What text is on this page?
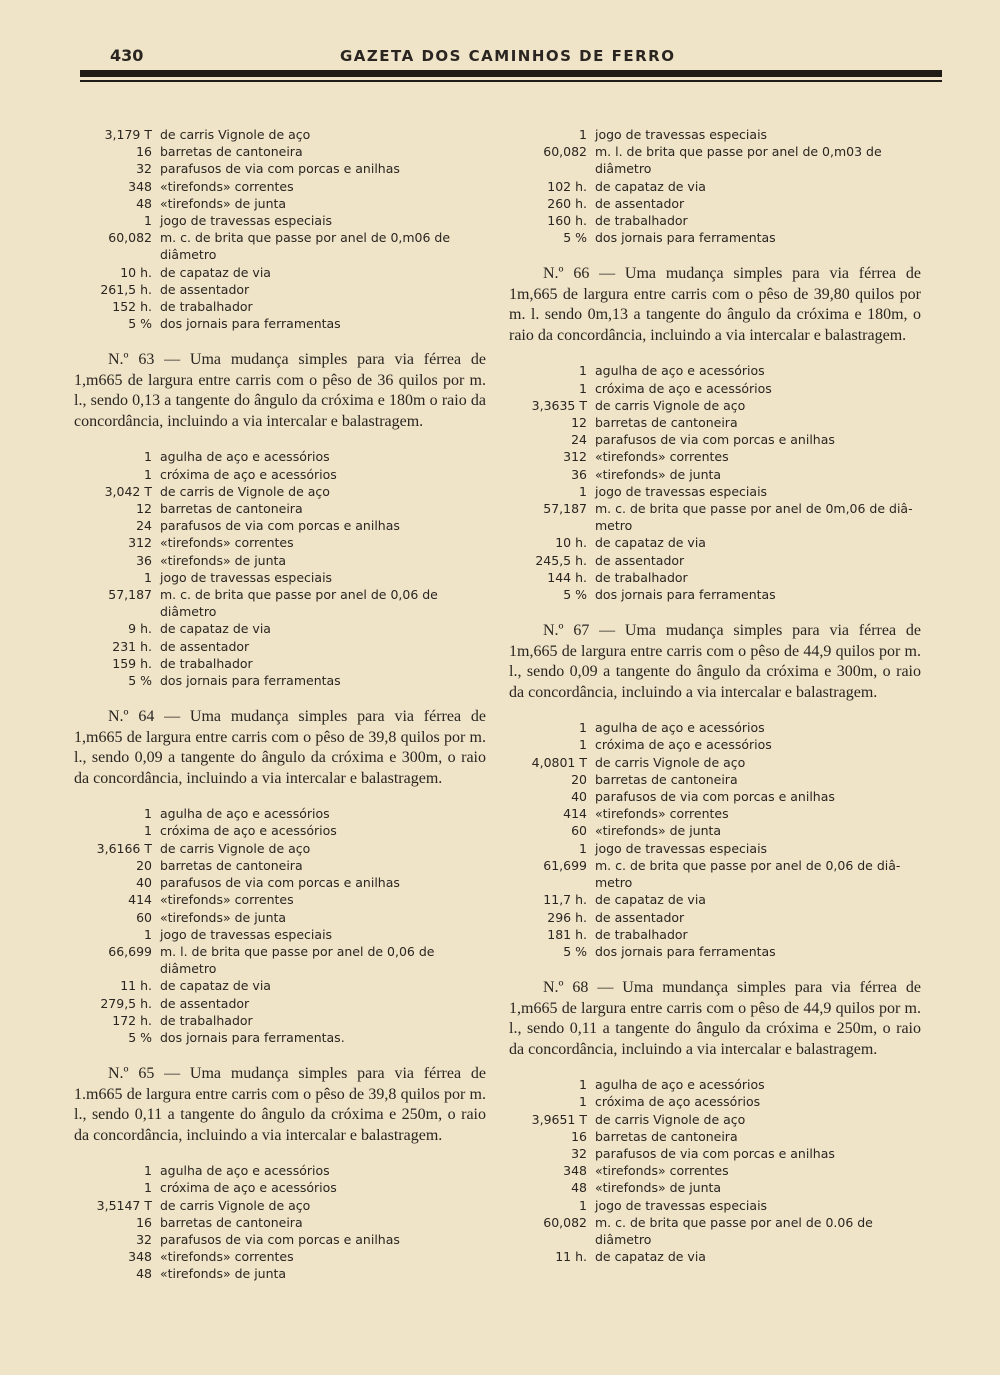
430	GAZETA DOS CAMINHOS DE FERRO
3,179 T de carris Vignole de aço
16 barretas de cantoneira
32 parafusos de via com porcas e anilhas
348 «tirefonds» correntes
48 «tirefonds» de junta
1 jogo de travessas especiais
60,082 m. c. de brita que passe por anel de 0,m06 de
diâmetro
10 h. de capataz de via
261,5 h. de assentador
152 h. de trabalhador
5 % dos jornais para ferramentas

N.º 63 — Uma mudança simples para via férrea de 1,m665 de largura entre carris com o pêso de 36 quilos por m. l., sendo 0,13 a tangente do ângulo da cróxima e 180m o raio da concordância, incluindo a via intercalar e balastragem.

1 agulha de aço e acessórios
1 cróxima de aço e acessórios
3,042 T de carris de Vignole de aço
12 barretas de cantoneira
24 parafusos de via com porcas e anilhas
312 «tirefonds» correntes
36 «tirefonds» de junta
1 jogo de travessas especiais
57,187 m. c. de brita que passe por anel de 0,06 de
diâmetro
9 h. de capataz de via
231 h. de assentador
159 h. de trabalhador
5 % dos jornais para ferramentas

N.º 64 — Uma mudança simples para via férrea de 1,m665 de largura entre carris com o pêso de 39,8 quilos por m. l., sendo 0,09 a tangente do ângulo da cróxima e 300m, o raio da concordância, incluindo a via intercalar e balastragem.

1 agulha de aço e acessórios
1 cróxima de aço e acessórios
3,6166 T de carris Vignole de aço
20 barretas de cantoneira
40 parafusos de via com porcas e anilhas
414 «tirefonds» correntes
60 «tirefonds» de junta
1 jogo de travessas especiais
66,699 m. l. de brita que passe por anel de 0,06 de
diâmetro
11 h. de capataz de via
279,5 h. de assentador
172 h. de trabalhador
5 % dos jornais para ferramentas.

N.º 65 — Uma mudança simples para via férrea de 1.m665 de largura entre carris com o pêso de 39,8 quilos por m. l., sendo 0,11 a tangente do ângulo da cróxima e 250m, o raio da concordância, incluindo a via intercalar e balastragem.

1 agulha de aço e acessórios
1 cróxima de aço e acessórios
3,5147 T de carris Vignole de aço
16 barretas de cantoneira
32 parafusos de via com porcas e anilhas
348 «tirefonds» correntes
48 «tirefonds» de junta
1 jogo de travessas especiais
60,082 m. l. de brita que passe por anel de 0,m03 de
diâmetro
102 h. de capataz de via
260 h. de assentador
160 h. de trabalhador
5 % dos jornais para ferramentas

N.º 66 — Uma mudança simples para via férrea de 1m,665 de largura entre carris com o pêso de 39,80 quilos por m. l. sendo 0m,13 a tangente do ângulo da cróxima e 180m, o raio da concordância, incluindo a via intercalar e balastragem.

1 agulha de aço e acessórios
1 cróxima de aço e acessórios
3,3635 T de carris Vignole de aço
12 barretas de cantoneira
24 parafusos de via com porcas e anilhas
312 «tirefonds» correntes
36 «tirefonds» de junta
1 jogo de travessas especiais
57,187 m. c. de brita que passe por anel de 0m,06 de diâ-
metro
10 h. de capataz de via
245,5 h. de assentador
144 h. de trabalhador
5 % dos jornais para ferramentas

N.º 67 — Uma mudança simples para via férrea de 1m,665 de largura entre carris com o pêso de 44,9 quilos por m. l., sendo 0,09 a tangente do ângulo da cróxima e 300m, o raio da concordância, incluindo a via intercalar e balastragem.

1 agulha de aço e acessórios
1 cróxima de aço e acessórios
4,0801 T de carris Vignole de aço
20 barretas de cantoneira
40 parafusos de via com porcas e anilhas
414 «tirefonds» correntes
60 «tirefonds» de junta
1 jogo de travessas especiais
61,699 m. c. de brita que passe por anel de 0,06 de diâ-
metro
11,7 h. de capataz de via
296 h. de assentador
181 h. de trabalhador
5 % dos jornais para ferramentas

N.º 68 — Uma mundança simples para via férrea de 1,m665 de largura entre carris com o pêso de 44,9 quilos por m. l., sendo 0,11 a tangente do ângulo da cróxima e 250m, o raio da concordância, incluindo a via intercalar e balastragem.

1 agulha de aço e acessórios
1 cróxima de aço acessórios
3,9651 T de carris Vignole de aço
16 barretas de cantoneira
32 parafusos de via com porcas e anilhas
348 «tirefonds» correntes
48 «tirefonds» de junta
1 jogo de travessas especiais
60,082 m. c. de brita que passe por anel de 0.06 de
diâmetro
11 h. de capataz de via
